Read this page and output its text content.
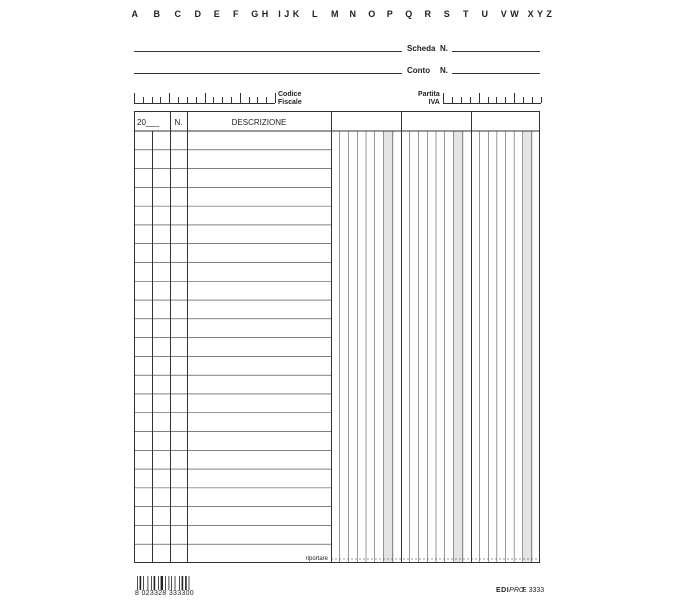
A B C D E F G H I J K L M N O P Q R S T U V W X Y Z
Scheda N.
Conto N.
Codice
Fiscale
Partita
IVA
20___	N.	DESCRIZIONE
riportare
8 023328 333300	EDIPRO
E 3333
